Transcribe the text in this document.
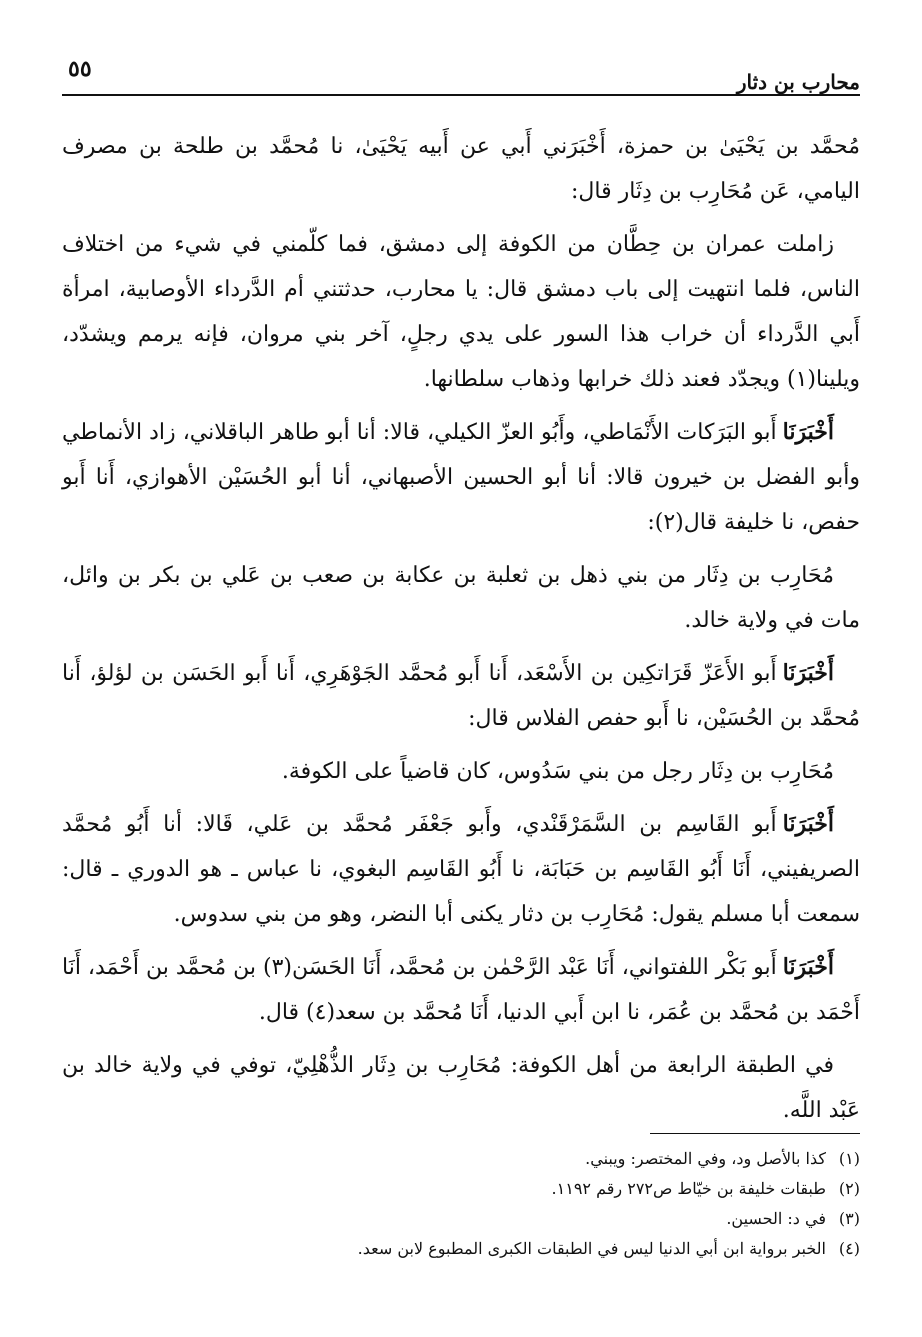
محارب بن دثار
٥٥

مُحمَّد بن يَحْيَىٰ بن حمزة، أَخْبَرَني أَبي عن أَبيه يَحْيَىٰ، نا مُحمَّد بن طلحة بن مصرف اليامي، عَن مُحَارِب بن دِثَار قال:

زاملت عمران بن حِطَّان من الكوفة إلى دمشق، فما كلّمني في شيء من اختلاف الناس، فلما انتهيت إلى باب دمشق قال: يا محارب، حدثتني أم الدَّرداء الأوصابية، امرأة أَبي الدَّرداء أن خراب هذا السور على يدي رجلٍ، آخر بني مروان، فإنه يرمم ويشدّد، ويلينا(١) ويجدّد فعند ذلك خرابها وذهاب سلطانها.

أَخْبَرَنَاأَبو البَرَكات الأَنْمَاطي، وأَبُو العزّ الكيلي، قالا: أنا أبو طاهر الباقلاني، زاد الأنماطي وأبو الفضل بن خيرون قالا: أنا أبو الحسين الأصبهاني، أنا أبو الحُسَيْن الأهوازي، أَنا أَبو حفص، نا خليفة قال(٢):

مُحَارِب بن دِثَار من بني ذهل بن ثعلبة بن عكابة بن صعب بن عَلي بن بكر بن وائل، مات في ولاية خالد.

أَخْبَرَنَاأَبو الأَعَزّ قَرَاتكِين بن الأَسْعَد، أَنا أَبو مُحمَّد الجَوْهَرِي، أَنا أَبو الحَسَن بن لؤلؤ، أَنا مُحمَّد بن الحُسَيْن، نا أَبو حفص الفلاس قال:

مُحَارِب بن دِثَار رجل من بني سَدُوس، كان قاضياً على الكوفة.

أَخْبَرَنَاأَبو القَاسِم بن السَّمَرْقَنْدي، وأَبو جَعْفَر مُحمَّد بن عَلي، قَالا: أنا أَبُو مُحمَّد الصريفيني، أَنَا أَبُو القَاسِم بن حَبَابَة، نا أَبُو القَاسِم البغوي، نا عباس ـ هو الدوري ـ قال: سمعت أبا مسلم يقول: مُحَارِب بن دثار يكنى أبا النضر، وهو من بني سدوس.

أَخْبَرَنَاأَبو بَكْر اللفتواني، أَنَا عَبْد الرَّحْمٰن بن مُحمَّد، أَنَا الحَسَن(٣) بن مُحمَّد بن أَحْمَد، أَنَا أَحْمَد بن مُحمَّد بن عُمَر، نا ابن أَبي الدنيا، أَنَا مُحمَّد بن سعد(٤) قال.

في الطبقة الرابعة من أهل الكوفة: مُحَارِب بن دِثَار الذُّهْلِيّ، توفي في ولاية خالد بن عَبْد اللَّه.

(١)كذا بالأصل ود، وفي المختصر: ويبني.
(٢)طبقات خليفة بن خيّاط ص٢٧٢ رقم ١١٩٢.
(٣)في د: الحسين.
(٤)الخبر برواية ابن أبي الدنيا ليس في الطبقات الكبرى المطبوع لابن سعد.
